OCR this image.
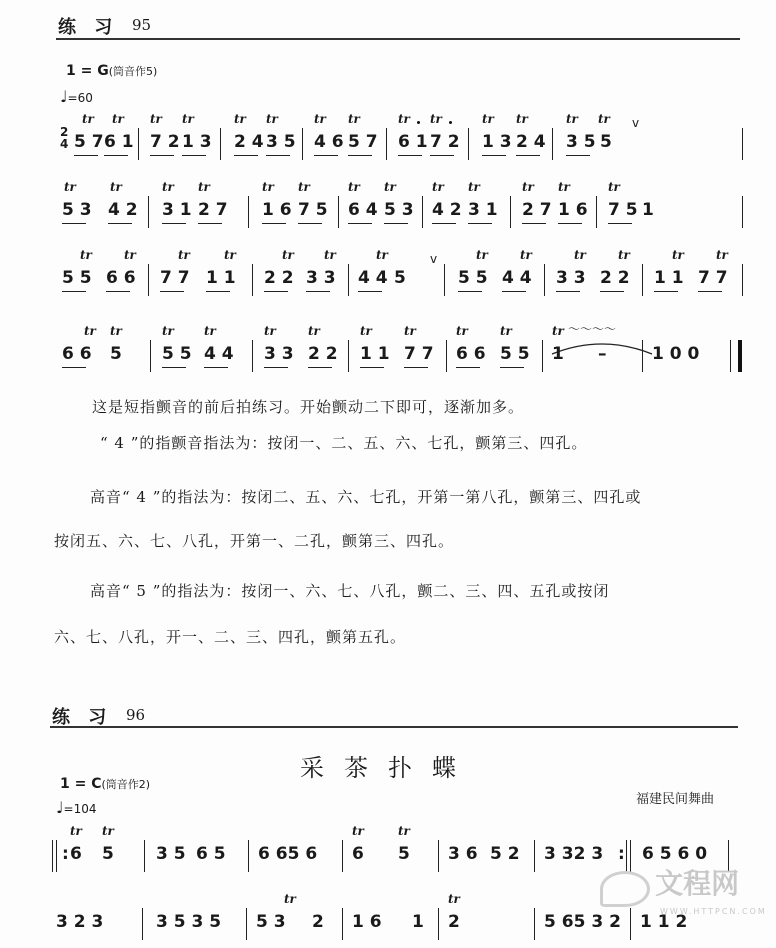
练 习 95
1 = G(筒音作5)
♩=60
2
4 5 7 6 1
tr tr
7 2 1 3
tr tr
2 4 3 5
tr tr
4 6 5 7
tr tr
6 1 7 2
tr tr
1 3 2 4
tr tr
3 5 5
tr tr v
5 3 4 2
tr	tr
3 1 2 7
tr tr
1 6 7 5
tr tr
6 4 5 3
tr tr
4 2 3 1
tr tr
2 7 1 6
tr tr
7 5 1
tr
5 5 6 6
tr	tr
7 7 1 1
tr	tr
2 2 3 3
tr	tr
4 4 5
tr	v
5 5 4 4
tr	tr
3 3 2 2
tr	tr
1 1 7 7
tr	tr
6 6 5
tr tr
5 5 4 4
tr	tr
3 3 2 2
tr	tr
1 1 7 7
tr	tr
6 6 5 5
tr	tr	tr ～～～～
1 –	1 0 0
这是短指颤音的前后拍练习。开始颤动二下即可，逐渐加多。
“ 4 ”的指颤音指法为：按闭一、二、五、六、七孔，颤第三、四孔。
高音“ 4 ”的指法为：按闭二、五、六、七孔，开第一第八孔，颤第三、四孔或
按闭五、六、七、八孔，开第一、二孔，颤第三、四孔。
高音“ 5 ”的指法为：按闭一、六、七、八孔，颤二、三、四、五孔或按闭
六、七、八孔，开一、二、三、四孔，颤第五孔。
练 习 96
采茶扑蝶
1 = C(筒音作2)
福建民间舞曲
♩=104
: 6 5
tr tr
3 5 6 5 6 65 6 6 5
tr	tr
3 6 5 2 3 32 3 : 6 5 6 0
3 2 3	3 5 3 5 5 3 2
tr
1 6 1 2
tr
5 65 3 2 1 1 2
文程网
WWW.HTTPCN.COM
